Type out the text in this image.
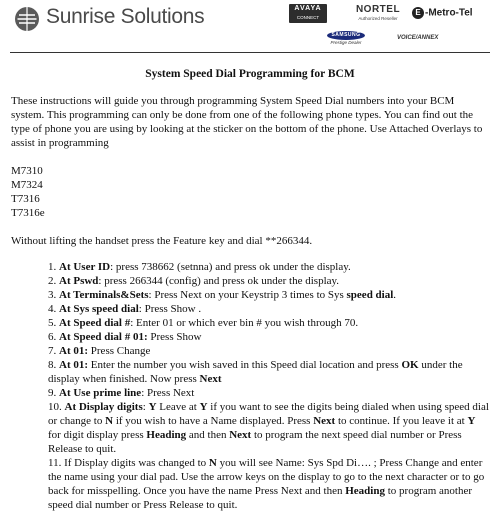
Sunrise Solutions	AVAYA
CONNECT
NORTEL
Authorized Reseller
E -Metro-Tel
SAMSUNG
Prestige Dealer
VOICE/ANNEX
System Speed Dial Programming for BCM
These instructions will guide you through programming System Speed Dial numbers into your BCM system. This programming can only be done from one of the following phone types. You can find out the type of phone you are using by looking at the sticker on the bottom of the phone. Use Attached Overlays to assist in programming
M7310
M7324
T7316
T7316e
Without lifting the handset press the Feature key and dial **266344.

1. At User ID: press 738662 (setnna) and press ok under the display.

2. At Pswd: press 266344 (config) and press ok under the display.

3. At Terminals&Sets: Press Next on your Keystrip 3 times to Sys speed dial.

4. At Sys speed dial: Press Show .

5. At Speed dial #: Enter 01 or which ever bin # you wish through 70.

6. At Speed dial # 01: Press Show

7. At 01: Press Change

8. At 01: Enter the number you wish saved in this Speed dial location and press OK under the display when finished. Now press Next

9. At Use prime line: Press Next

10. At Display digits: Y Leave at Y if you want to see the digits being dialed when using speed dial or change to N if you wish to have a Name displayed. Press Next to continue. If you leave it at Y for digit display press Heading and then Next to program the next speed dial number or Press Release to quit.

11. If Display digits was changed to N you will see Name: Sys Spd Di…. ; Press Change and enter the name using your dial pad. Use the arrow keys on the display to go to the next character or to go back for misspelling. Once you have the name Press Next and then Heading to program another speed dial number or Press Release to quit.
